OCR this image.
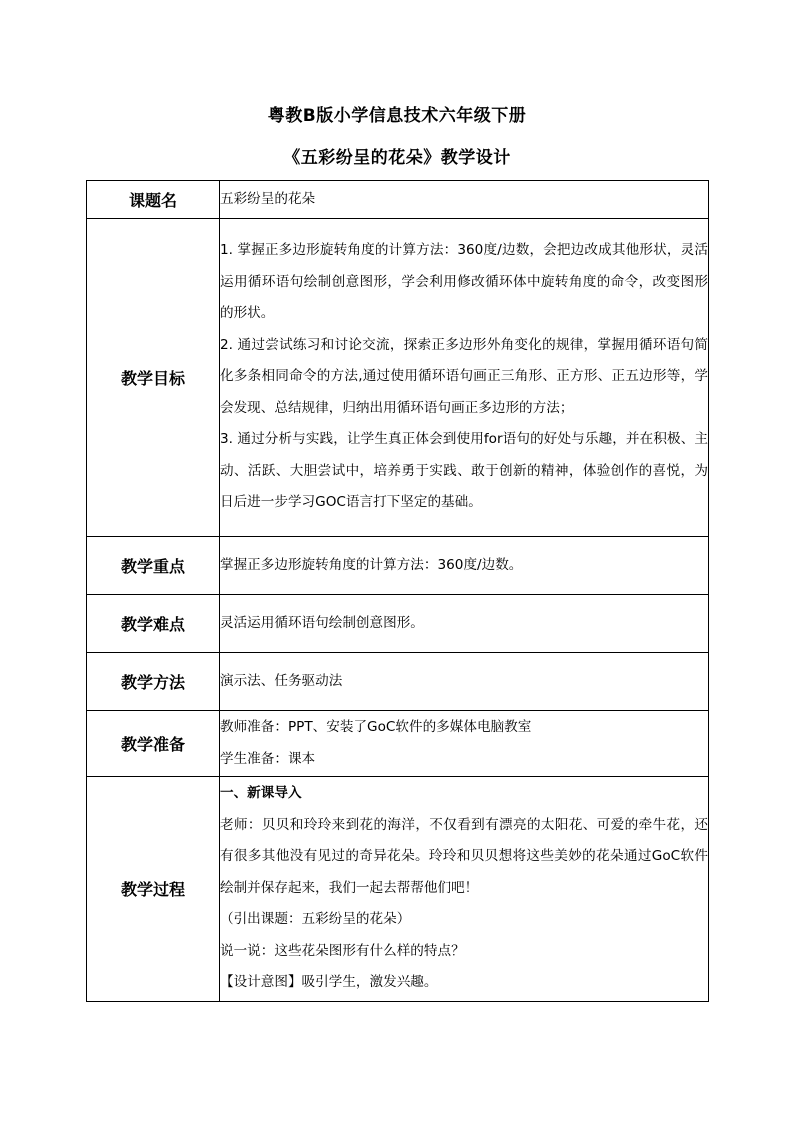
粤教B版小学信息技术六年级下册
《五彩纷呈的花朵》教学设计
课题名	五彩纷呈的花朵
教学目标	1. 掌握正多边形旋转角度的计算方法：360度/边数，会把边改成其他形状，灵活运用循环语句绘制创意图形，学会利用修改循环体中旋转角度的命令，改变图形的形状。

2. 通过尝试练习和讨论交流，探索正多边形外角变化的规律，掌握用循环语句简化多条相同命令的方法,通过使用循环语句画正三角形、正方形、正五边形等，学会发现、总结规律，归纳出用循环语句画正多边形的方法；

3. 通过分析与实践，让学生真正体会到使用for语句的好处与乐趣，并在积极、主动、活跃、大胆尝试中，培养勇于实践、敢于创新的精神，体验创作的喜悦，为日后进一步学习GOC语言打下坚定的基础。

教学重点	掌握正多边形旋转角度的计算方法：360度/边数。
教学难点	灵活运用循环语句绘制创意图形。
教学方法	演示法、任务驱动法
教学准备	教师准备：PPT、安装了GoC软件的多媒体电脑教室

学生准备：课本

教学过程	一、新课导入

老师：贝贝和玲玲来到花的海洋，不仅看到有漂亮的太阳花、可爱的牵牛花，还有很多其他没有见过的奇异花朵。玲玲和贝贝想将这些美妙的花朵通过GoC软件绘制并保存起来，我们一起去帮帮他们吧！

（引出课题：五彩纷呈的花朵）

说一说：这些花朵图形有什么样的特点？

【设计意图】吸引学生，激发兴趣。
